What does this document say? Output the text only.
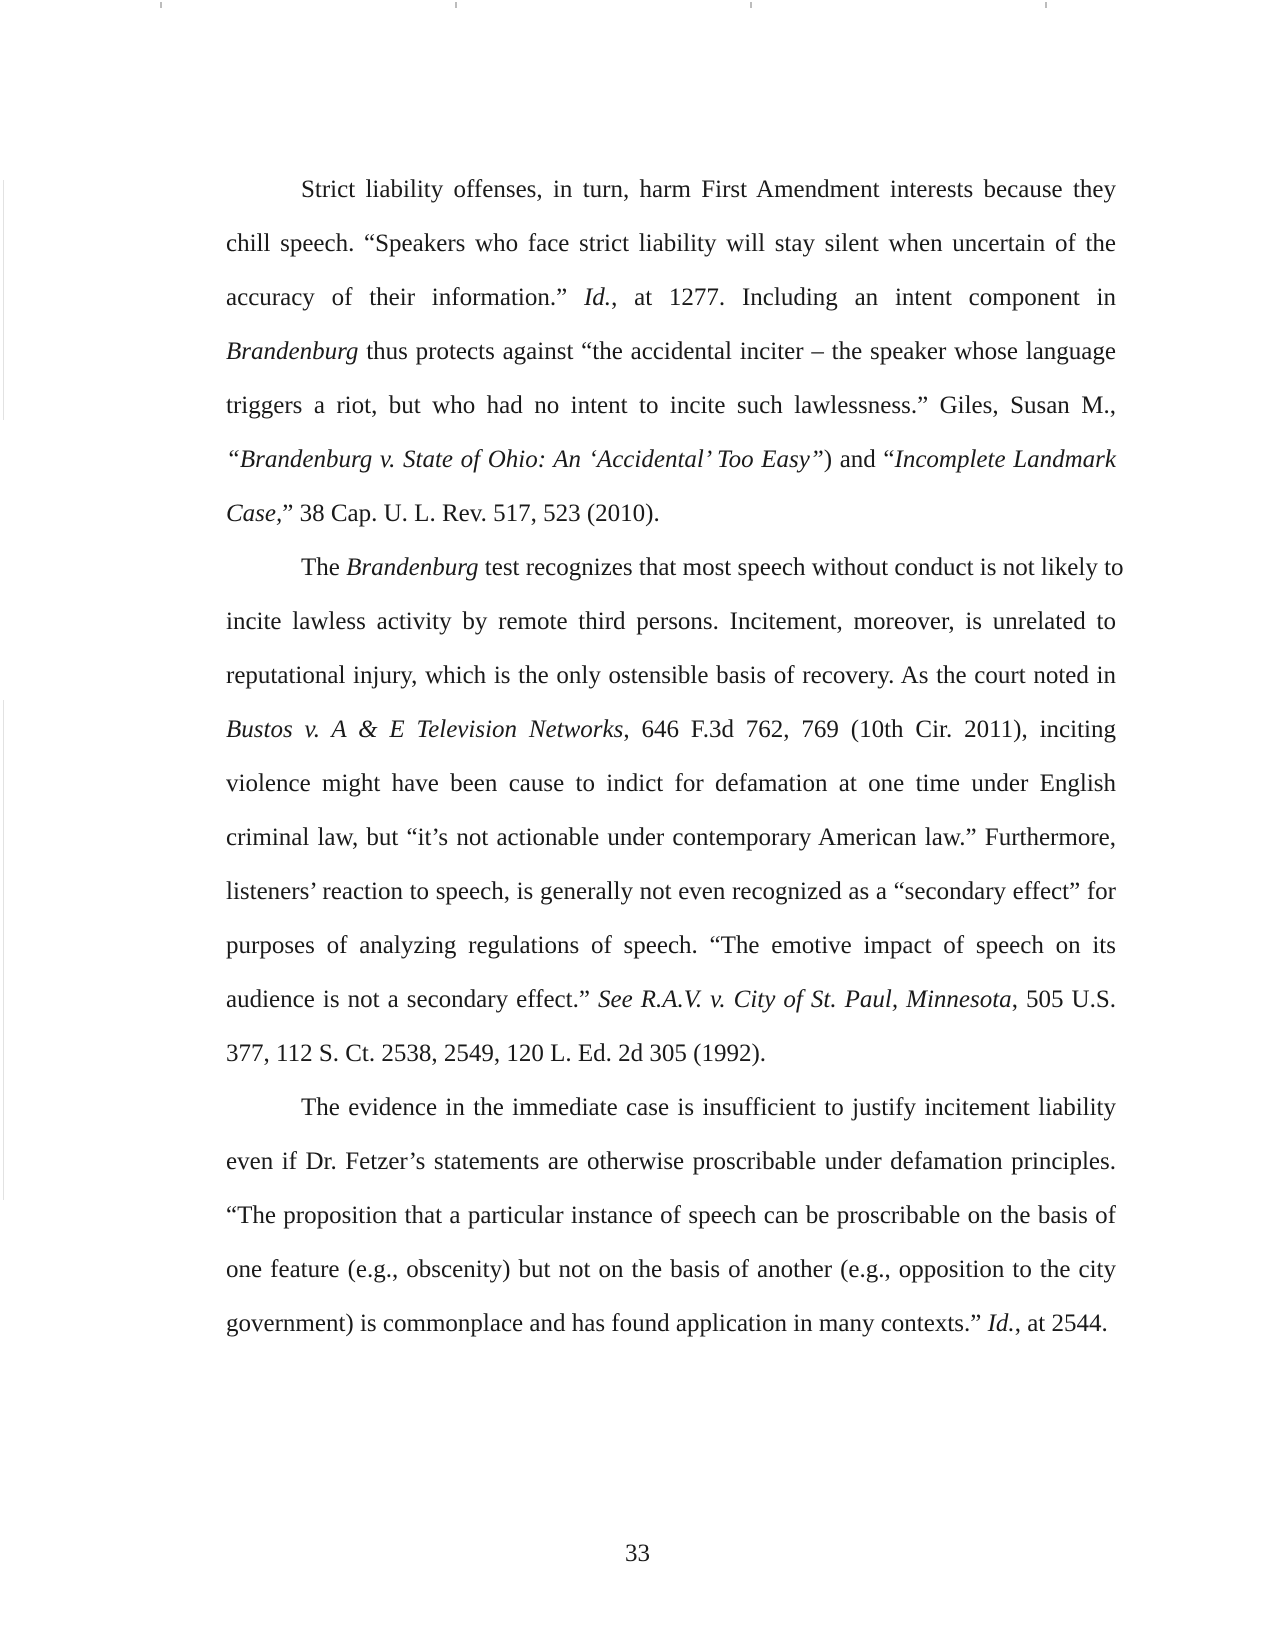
Strict liability offenses, in turn, harm First Amendment interests because they
chill speech. “Speakers who face strict liability will stay silent when uncertain of the
accuracy of their information.” Id., at 1277. Including an intent component in
Brandenburg thus protects against “the accidental inciter – the speaker whose language
triggers a riot, but who had no intent to incite such lawlessness.” Giles, Susan M.,
“Brandenburg v. State of Ohio: An ‘Accidental’ Too Easy”) and “Incomplete Landmark
Case,” 38 Cap. U. L. Rev. 517, 523 (2010).
The Brandenburg test recognizes that most speech without conduct is not likely to
incite lawless activity by remote third persons. Incitement, moreover, is unrelated to
reputational injury, which is the only ostensible basis of recovery. As the court noted in
Bustos v. A & E Television Networks, 646 F.3d 762, 769 (10th Cir. 2011), inciting
violence might have been cause to indict for defamation at one time under English
criminal law, but “it’s not actionable under contemporary American law.” Furthermore,
listeners’ reaction to speech, is generally not even recognized as a “secondary effect” for
purposes of analyzing regulations of speech. “The emotive impact of speech on its
audience is not a secondary effect.” See R.A.V. v. City of St. Paul, Minnesota, 505 U.S.
377, 112 S. Ct. 2538, 2549, 120 L. Ed. 2d 305 (1992).
The evidence in the immediate case is insufficient to justify incitement liability
even if Dr. Fetzer’s statements are otherwise proscribable under defamation principles.
“The proposition that a particular instance of speech can be proscribable on the basis of
one feature (e.g., obscenity) but not on the basis of another (e.g., opposition to the city
government) is commonplace and has found application in many contexts.” Id., at 2544.
33
